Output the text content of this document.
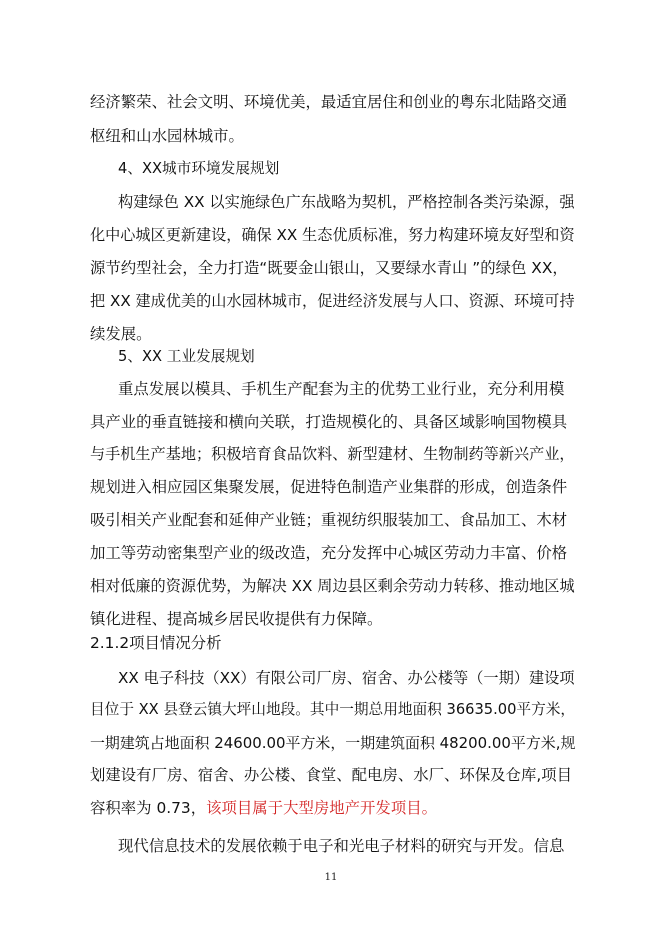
经济繁荣、社会文明、环境优美，最适宜居住和创业的粤东北陆路交通
枢纽和山水园林城市。
4、XX城市环境发展规划
构建绿色 XX 以实施绿色广东战略为契机，严格控制各类污染源，强
化中心城区更新建设，确保 XX 生态优质标准，努力构建环境友好型和资
源节约型社会，全力打造“既要金山银山，又要绿水青山 ”的绿色 XX，
把 XX 建成优美的山水园林城市，促进经济发展与人口、资源、环境可持
续发展。
5、XX 工业发展规划
重点发展以模具、手机生产配套为主的优势工业行业，充分利用模
具产业的垂直链接和横向关联，打造规模化的、具备区域影响国物模具
与手机生产基地；积极培育食品饮料、新型建材、生物制药等新兴产业，
规划进入相应园区集聚发展，促进特色制造产业集群的形成，创造条件
吸引相关产业配套和延伸产业链；重视纺织服装加工、食品加工、木材
加工等劳动密集型产业的级改造，充分发挥中心城区劳动力丰富、价格
相对低廉的资源优势，为解决 XX 周边县区剩余劳动力转移、推动地区城
镇化进程、提高城乡居民收提供有力保障。
2.1.2项目情况分析
XX 电子科技（XX）有限公司厂房、宿舍、办公楼等（一期）建设项
目位于 XX 县登云镇大坪山地段。其中一期总用地面积 36635.00平方米，
一期建筑占地面积 24600.00平方米，一期建筑面积 48200.00平方米,规
划建设有厂房、宿舍、办公楼、食堂、配电房、水厂、环保及仓库,项目
容积率为 0.73，该项目属于大型房地产开发项目。
现代信息技术的发展依赖于电子和光电子材料的研究与开发。信息
11
